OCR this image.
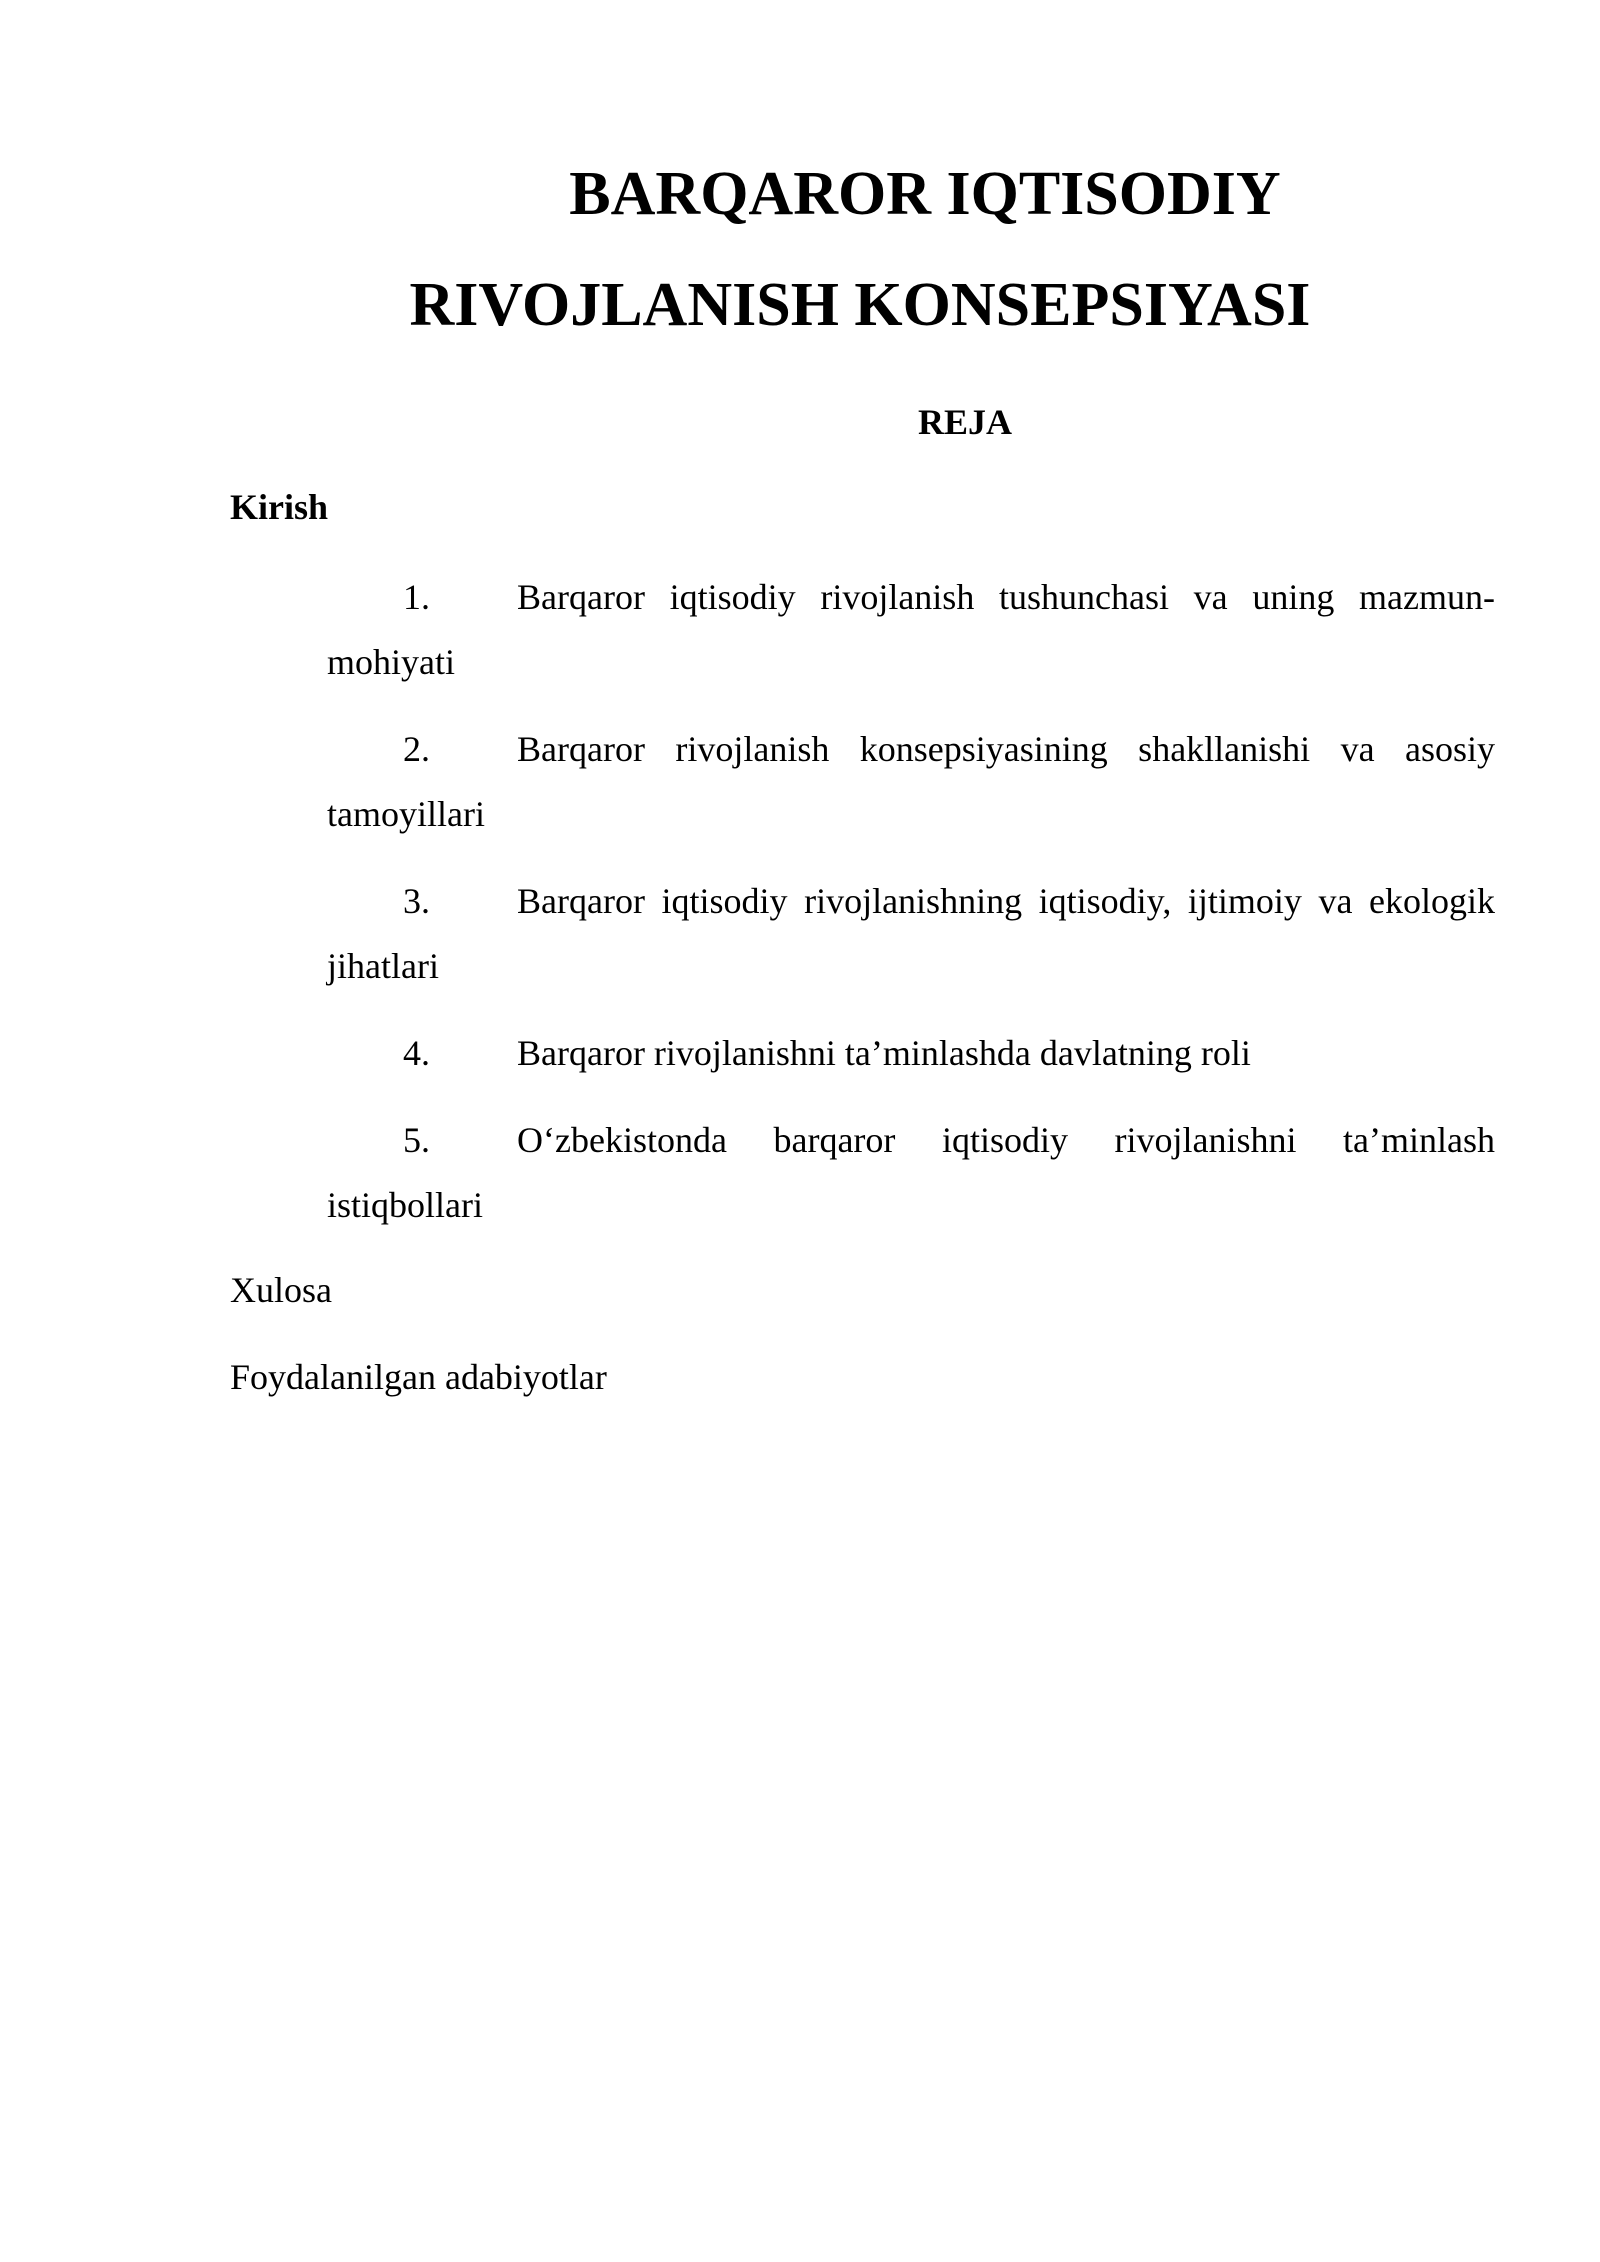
BARQAROR IQTISODIY
RIVOJLANISH KONSEPSIYASI
REJA
Kirish
1.	Barqaror iqtisodiy rivojlanish tushunchasi va uning mazmun-
mohiyati
2.	Barqaror rivojlanish konsepsiyasining shakllanishi va asosiy
tamoyillari
3.	Barqaror iqtisodiy rivojlanishning iqtisodiy, ijtimoiy va ekologik
jihatlari
4.	Barqaror rivojlanishni ta’minlashda davlatning roli
5.	O‘zbekistonda barqaror iqtisodiy rivojlanishni ta’minlash
istiqbollari
Xulosa
Foydalanilgan adabiyotlar
